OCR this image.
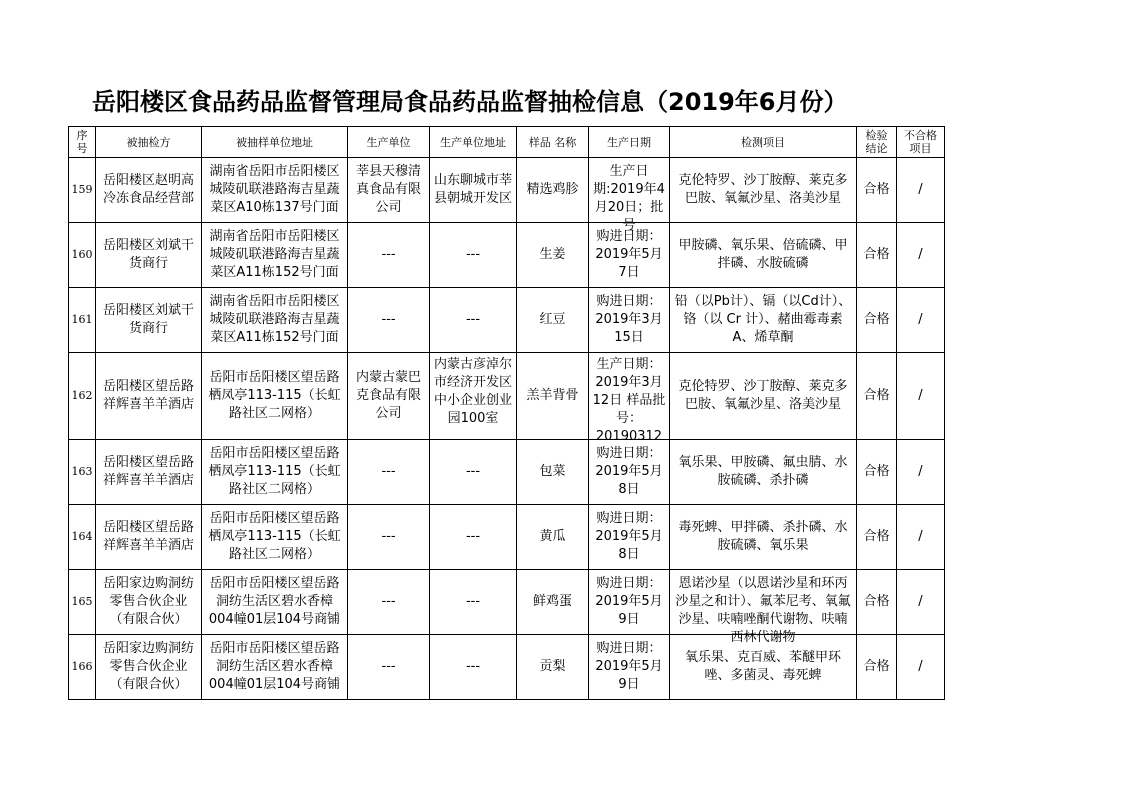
岳阳楼区食品药品监督管理局食品药品监督抽检信息（2019年6月份）
序号	被抽检方	被抽样单位地址	生产单位	生产单位地址	样品 名称	生产日期	检测项目	检验结论	不合格项目

159	岳阳楼区赵明高冷冻食品经营部	湖南省岳阳市岳阳楼区城陵矶联港路海吉星蔬菜区A10栋137号门面	莘县天穆清真食品有限公司	山东聊城市莘县朝城开发区	精选鸡胗	生产日期:2019年4月20日；批号	克伦特罗、沙丁胺醇、莱克多巴胺、氧氟沙星、洛美沙星	合格	/
160	岳阳楼区刘斌干货商行	湖南省岳阳市岳阳楼区城陵矶联港路海吉星蔬菜区A11栋152号门面	---	---	生姜	购进日期：2019年5月7日	甲胺磷、氧乐果、倍硫磷、甲拌磷、水胺硫磷	合格	/
161	岳阳楼区刘斌干货商行	湖南省岳阳市岳阳楼区城陵矶联港路海吉星蔬菜区A11栋152号门面	---	---	红豆	购进日期：2019年3月15日	铅（以Pb计）、镉（以Cd计）、铬（以 Cr 计）、赭曲霉毒素A、烯草酮	合格	/
162	岳阳楼区望岳路祥辉喜羊羊酒店	岳阳市岳阳楼区望岳路栖凤亭113-115（长虹路社区二网格）	内蒙古蒙巴克食品有限公司	内蒙古彦淖尔市经济开发区中小企业创业园100室	羔羊背骨	生产日期：2019年3月12日 样品批号：20190312	克伦特罗、沙丁胺醇、莱克多巴胺、氧氟沙星、洛美沙星	合格	/
163	岳阳楼区望岳路祥辉喜羊羊酒店	岳阳市岳阳楼区望岳路栖凤亭113-115（长虹路社区二网格）	---	---	包菜	购进日期：2019年5月8日	氧乐果、甲胺磷、氟虫腈、水胺硫磷、杀扑磷	合格	/
164	岳阳楼区望岳路祥辉喜羊羊酒店	岳阳市岳阳楼区望岳路栖凤亭113-115（长虹路社区二网格）	---	---	黄瓜	购进日期：2019年5月8日	毒死蜱、甲拌磷、杀扑磷、水胺硫磷、氧乐果	合格	/
165	岳阳家边购洞纺零售合伙企业（有限合伙）	岳阳市岳阳楼区望岳路洞纺生活区碧水香樟004幢01层104号商铺	---	---	鲜鸡蛋	购进日期：2019年5月9日	恩诺沙星（以恩诺沙星和环丙沙星之和计）、氟苯尼考、氧氟沙星、呋喃唑酮代谢物、呋喃西林代谢物	合格	/
166	岳阳家边购洞纺零售合伙企业（有限合伙）	岳阳市岳阳楼区望岳路洞纺生活区碧水香樟004幢01层104号商铺	---	---	贡梨	购进日期：2019年5月9日	氧乐果、克百威、苯醚甲环唑、多菌灵、毒死蜱	合格	/
